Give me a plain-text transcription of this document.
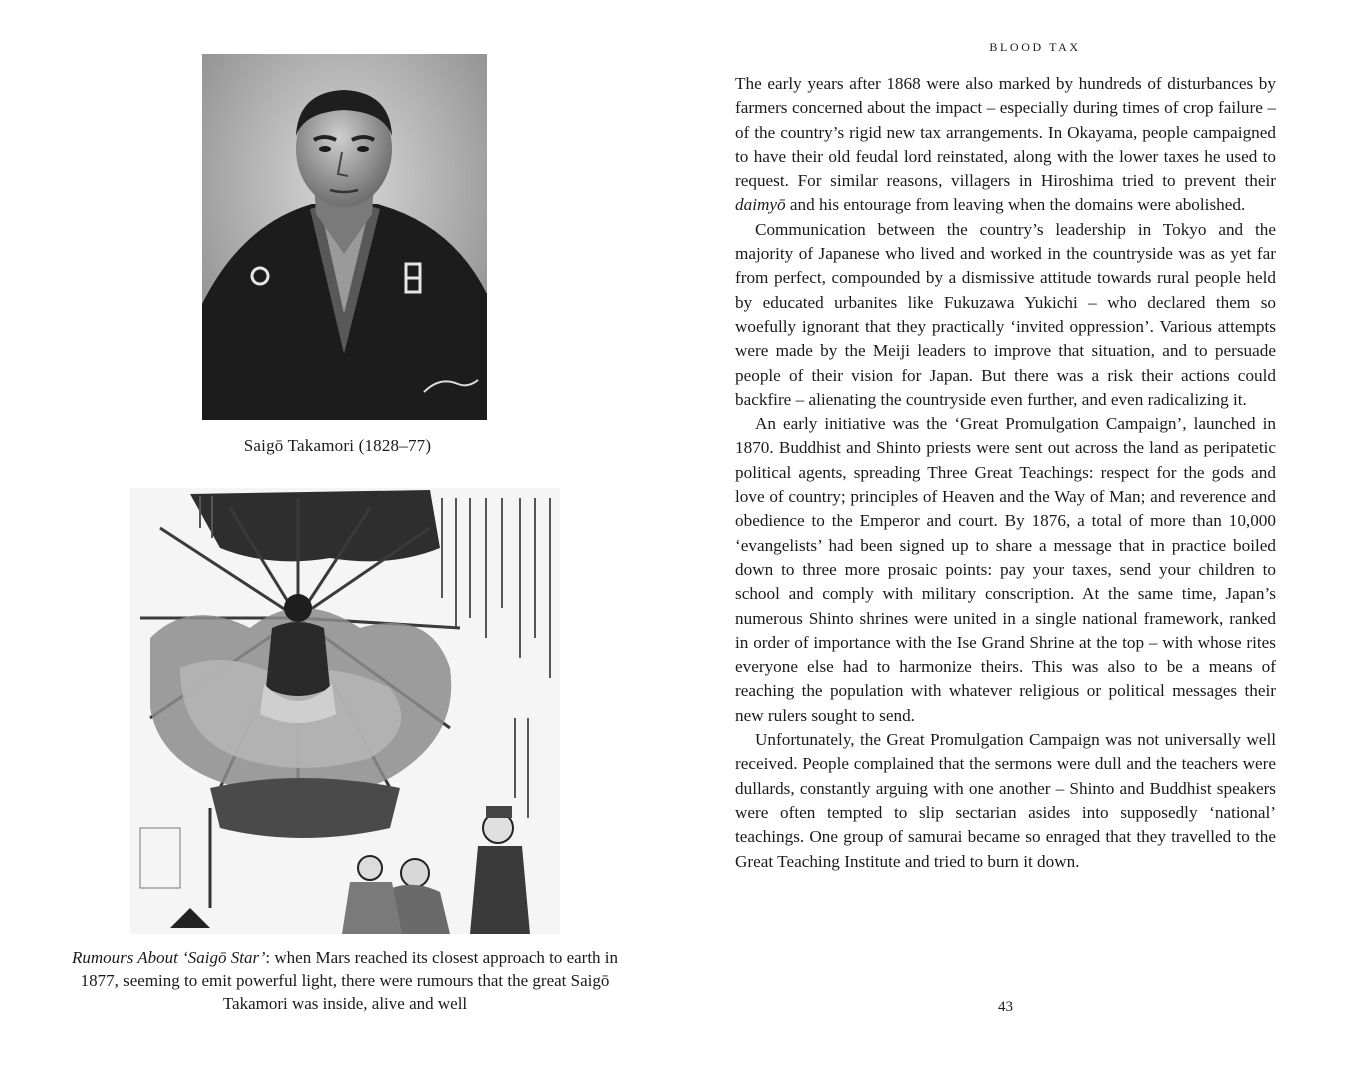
Saigō Takamori (1828–77)
Rumours About ‘Saigō Star’: when Mars reached its closest approach to earth in 1877, seeming to emit powerful light, there were rumours that the great Saigō Takamori was inside, alive and well
BLOOD TAX

The early years after 1868 were also marked by hundreds of disturbances by farmers concerned about the impact – especially during times of crop failure – of the country’s rigid new tax arrangements. In Okayama, people campaigned to have their old feudal lord reinstated, along with the lower taxes he used to request. For similar reasons, villagers in Hiroshima tried to prevent their daimyō and his entourage from leaving when the domains were abolished.

Communication between the country’s leadership in Tokyo and the majority of Japanese who lived and worked in the countryside was as yet far from perfect, compounded by a dismissive attitude towards rural people held by educated urbanites like Fukuzawa Yukichi – who declared them so woefully ignorant that they practically ‘invited oppression’. Various attempts were made by the Meiji leaders to improve that situation, and to persuade people of their vision for Japan. But there was a risk their actions could backfire – alienating the countryside even further, and even radicalizing it.

An early initiative was the ‘Great Promulgation Campaign’, launched in 1870. Buddhist and Shinto priests were sent out across the land as peripatetic political agents, spreading Three Great Teachings: respect for the gods and love of country; principles of Heaven and the Way of Man; and reverence and obedience to the Emperor and court. By 1876, a total of more than 10,000 ‘evangelists’ had been signed up to share a message that in practice boiled down to three more prosaic points: pay your taxes, send your children to school and comply with military conscription. At the same time, Japan’s numerous Shinto shrines were united in a single national framework, ranked in order of importance with the Ise Grand Shrine at the top – with whose rites everyone else had to harmonize theirs. This was also to be a means of reaching the population with whatever religious or political messages their new rulers sought to send.

Unfortunately, the Great Promulgation Campaign was not universally well received. People complained that the sermons were dull and the teachers were dullards, constantly arguing with one another – Shinto and Buddhist speakers were often tempted to slip sectarian asides into supposedly ‘national’ teachings. One group of samurai became so enraged that they travelled to the Great Teaching Institute and tried to burn it down.

43
